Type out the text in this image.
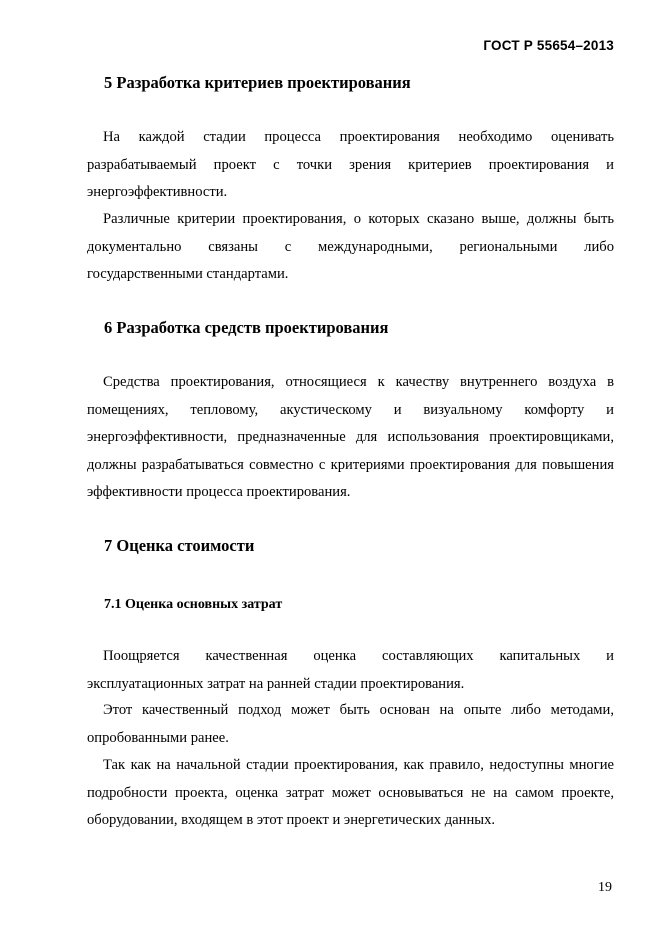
ГОСТ Р 55654–2013
5 Разработка критериев проектирования

На каждой стадии процесса проектирования необходимо оценивать разрабатываемый проект с точки зрения критериев проектирования и энергоэффективности.

Различные критерии проектирования, о которых сказано выше, должны быть документально связаны с международными, региональными либо государственными стандартами.

6 Разработка средств проектирования

Средства проектирования, относящиеся к качеству внутреннего воздуха в помещениях, тепловому, акустическому и визуальному комфорту и энергоэффективности, предназначенные для использования проектировщиками, должны разрабатываться совместно с критериями проектирования для повышения эффективности процесса проектирования.

7 Оценка стоимости
7.1 Оценка основных затрат

Поощряется качественная оценка составляющих капитальных и эксплуатационных затрат на ранней стадии проектирования.

Этот качественный подход может быть основан на опыте либо методами, опробованными ранее.

Так как на начальной стадии проектирования, как правило, недоступны многие подробности проекта, оценка затрат может основываться не на самом проекте, оборудовании, входящем в этот проект и энергетических данных.

19
